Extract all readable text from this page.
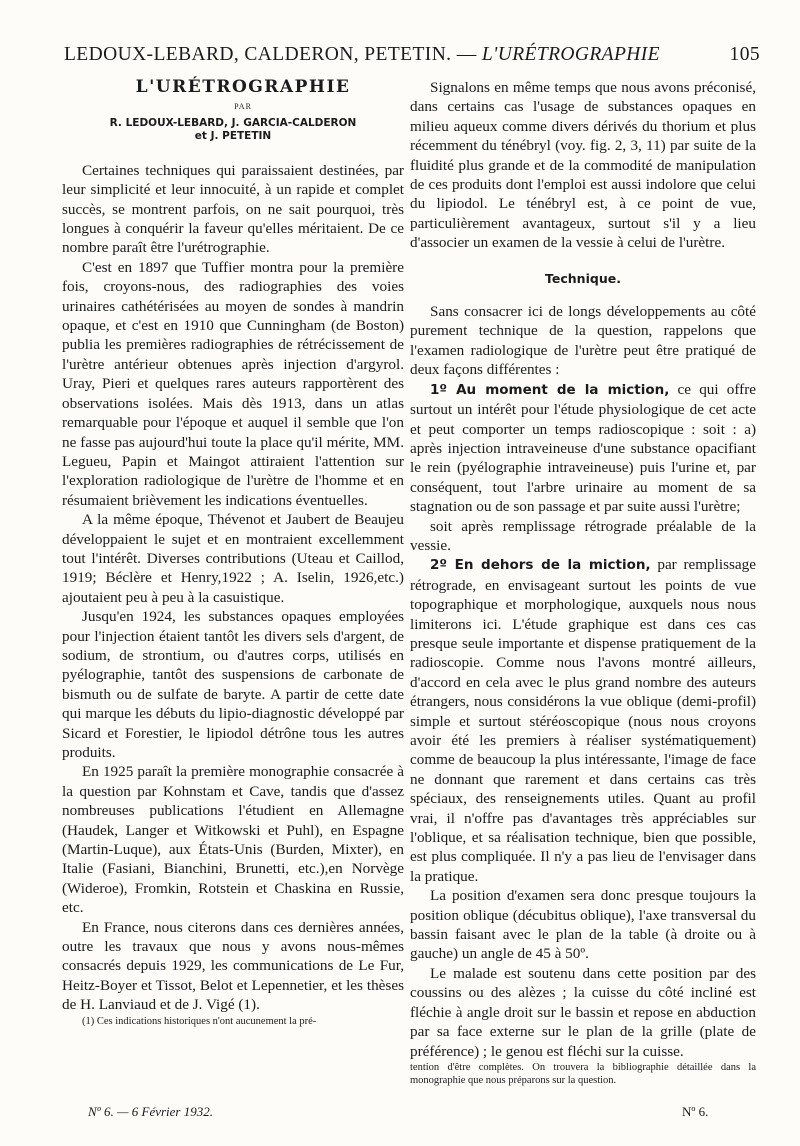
LEDOUX-LEBARD, CALDERON, PETETIN. — L'URÉTROGRAPHIE	105

L'URÉTROGRAPHIE

PAR

R. LEDOUX-LEBARD, J. GARCIA-CALDERON
et J. PETETIN

Certaines techniques qui paraissaient destinées, par leur simplicité et leur innocuité, à un rapide et complet succès, se montrent parfois, on ne sait pourquoi, très longues à conquérir la faveur qu'elles méritaient. De ce nombre paraît être l'urétrographie.

C'est en 1897 que Tuffier montra pour la première fois, croyons-nous, des radiographies des voies urinaires cathétérisées au moyen de sondes à mandrin opaque, et c'est en 1910 que Cunningham (de Boston) publia les premières radiographies de rétrécissement de l'urètre antérieur obtenues après injection d'argyrol. Uray, Pieri et quelques rares auteurs rapportèrent des observations isolées. Mais dès 1913, dans un atlas remarquable pour l'époque et auquel il semble que l'on ne fasse pas aujourd'hui toute la place qu'il mérite, MM. Legueu, Papin et Maingot attiraient l'attention sur l'exploration radiologique de l'urètre de l'homme et en résumaient brièvement les indications éventuelles.

A la même époque, Thévenot et Jaubert de Beaujeu développaient le sujet et en montraient excellemment tout l'intérêt. Diverses contributions (Uteau et Caillod, 1919; Béclère et Henry,1922 ; A. Iselin, 1926,etc.) ajoutaient peu à peu à la casuistique.

Jusqu'en 1924, les substances opaques employées pour l'injection étaient tantôt les divers sels d'argent, de sodium, de strontium, ou d'autres corps, utilisés en pyélographie, tantôt des suspensions de carbonate de bismuth ou de sulfate de baryte. A partir de cette date qui marque les débuts du lipio-diagnostic développé par Sicard et Forestier, le lipiodol détrône tous les autres produits.

En 1925 paraît la première monographie consacrée à la question par Kohnstam et Cave, tandis que d'assez nombreuses publications l'étudient en Allemagne (Haudek, Langer et Witkowski et Puhl), en Espagne (Martin-Luque), aux États-Unis (Burden, Mixter), en Italie (Fasiani, Bianchini, Brunetti, etc.),en Norvège (Wideroe), Fromkin, Rotstein et Chaskina en Russie, etc.

En France, nous citerons dans ces dernières années, outre les travaux que nous y avons nous-mêmes consacrés depuis 1929, les communications de Le Fur, Heitz-Boyer et Tissot, Belot et Lepennetier, et les thèses de H. Lanviaud et de J. Vigé (1).

(1) Ces indications historiques n'ont aucunement la pré-

Signalons en même temps que nous avons préconisé, dans certains cas l'usage de substances opaques en milieu aqueux comme divers dérivés du thorium et plus récemment du ténébryl (voy. fig. 2, 3, 11) par suite de la fluidité plus grande et de la commodité de manipulation de ces produits dont l'emploi est aussi indolore que celui du lipiodol. Le ténébryl est, à ce point de vue, particulièrement avantageux, surtout s'il y a lieu d'associer un examen de la vessie à celui de l'urètre.

Technique.

Sans consacrer ici de longs développements au côté purement technique de la question, rappelons que l'examen radiologique de l'urètre peut être pratiqué de deux façons différentes :

1º Au moment de la miction, ce qui offre surtout un intérêt pour l'étude physiologique de cet acte et peut comporter un temps radioscopique : soit : a) après injection intraveineuse d'une substance opacifiant le rein (pyélographie intraveineuse) puis l'urine et, par conséquent, tout l'arbre urinaire au moment de sa stagnation ou de son passage et par suite aussi l'urètre;

soit après remplissage rétrograde préalable de la vessie.

2º En dehors de la miction, par remplissage rétrograde, en envisageant surtout les points de vue topographique et morphologique, auxquels nous nous limiterons ici. L'étude graphique est dans ces cas presque seule importante et dispense pratiquement de la radioscopie. Comme nous l'avons montré ailleurs, d'accord en cela avec le plus grand nombre des auteurs étrangers, nous considérons la vue oblique (demi-profil) simple et surtout stéréoscopique (nous nous croyons avoir été les premiers à réaliser systématiquement) comme de beaucoup la plus intéressante, l'image de face ne donnant que rarement et dans certains cas très spéciaux, des renseignements utiles. Quant au profil vrai, il n'offre pas d'avantages très appréciables sur l'oblique, et sa réalisation technique, bien que possible, est plus compliquée. Il n'y a pas lieu de l'envisager dans la pratique.

La position d'examen sera donc presque toujours la position oblique (décubitus oblique), l'axe transversal du bassin faisant avec le plan de la table (à droite ou à gauche) un angle de 45 à 50º.

Le malade est soutenu dans cette position par des coussins ou des alèzes ; la cuisse du côté incliné est fléchie à angle droit sur le bassin et repose en abduction par sa face externe sur le plan de la grille (plate de préférence) ; le genou est fléchi sur la cuisse.

tention d'être complètes. On trouvera la bibliographie détaillée dans la monographie que nous préparons sur la question.

Nº 6. — 6 Février 1932.	Nº 6.
